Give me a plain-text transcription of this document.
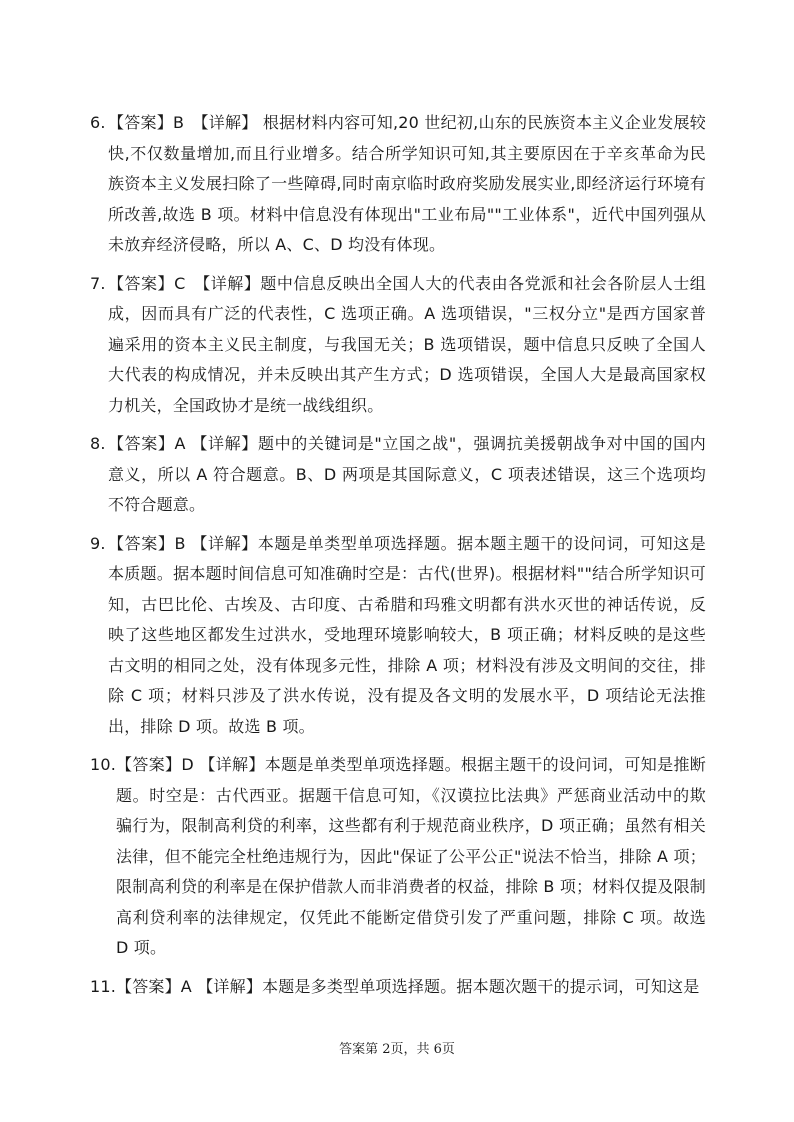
6. 【答案】B　【详解】 根据材料内容可知,20 世纪初,山东的民族资本主义企业发展较快,不仅数量增加,而且行业增多。结合所学知识可知,其主要原因在于辛亥革命为民族资本主义发展扫除了一些障碍,同时南京临时政府奖励发展实业,即经济运行环境有所改善,故选 B 项。材料中信息没有体现出"工业布局""工业体系"，近代中国列强从未放弃经济侵略，所以 A、C、D 均没有体现。
7. 【答案】C　【详解】题中信息反映出全国人大的代表由各党派和社会各阶层人士组成，因而具有广泛的代表性，C 选项正确。A 选项错误，"三权分立"是西方国家普遍采用的资本主义民主制度，与我国无关；B 选项错误，题中信息只反映了全国人大代表的构成情况，并未反映出其产生方式；D 选项错误，全国人大是最高国家权力机关，全国政协才是统一战线组织。
8. 【答案】A 【详解】题中的关键词是"立国之战"，强调抗美援朝战争对中国的国内意义，所以 A 符合题意。B、D 两项是其国际意义，C 项表述错误，这三个选项均不符合题意。
9. 【答案】B 【详解】本题是单类型单项选择题。据本题主题干的设问词，可知这是本质题。据本题时间信息可知准确时空是：古代(世界)。根据材料""结合所学知识可知，古巴比伦、古埃及、古印度、古希腊和玛雅文明都有洪水灭世的神话传说，反映了这些地区都发生过洪水，受地理环境影响较大，B 项正确；材料反映的是这些古文明的相同之处，没有体现多元性，排除 A 项；材料没有涉及文明间的交往，排除 C 项；材料只涉及了洪水传说，没有提及各文明的发展水平，D 项结论无法推出，排除 D 项。故选 B 项。
10. 【答案】D 【详解】本题是单类型单项选择题。根据主题干的设问词，可知是推断题。时空是：古代西亚。据题干信息可知，《汉谟拉比法典》严惩商业活动中的欺骗行为，限制高利贷的利率，这些都有利于规范商业秩序，D 项正确；虽然有相关法律，但不能完全杜绝违规行为，因此"保证了公平公正"说法不恰当，排除 A 项；限制高利贷的利率是在保护借款人而非消费者的权益，排除 B 项；材料仅提及限制高利贷利率的法律规定，仅凭此不能断定借贷引发了严重问题，排除 C 项。故选 D 项。
11. 【答案】A 【详解】本题是多类型单项选择题。据本题次题干的提示词，可知这是
答案第 2页，共 6页
